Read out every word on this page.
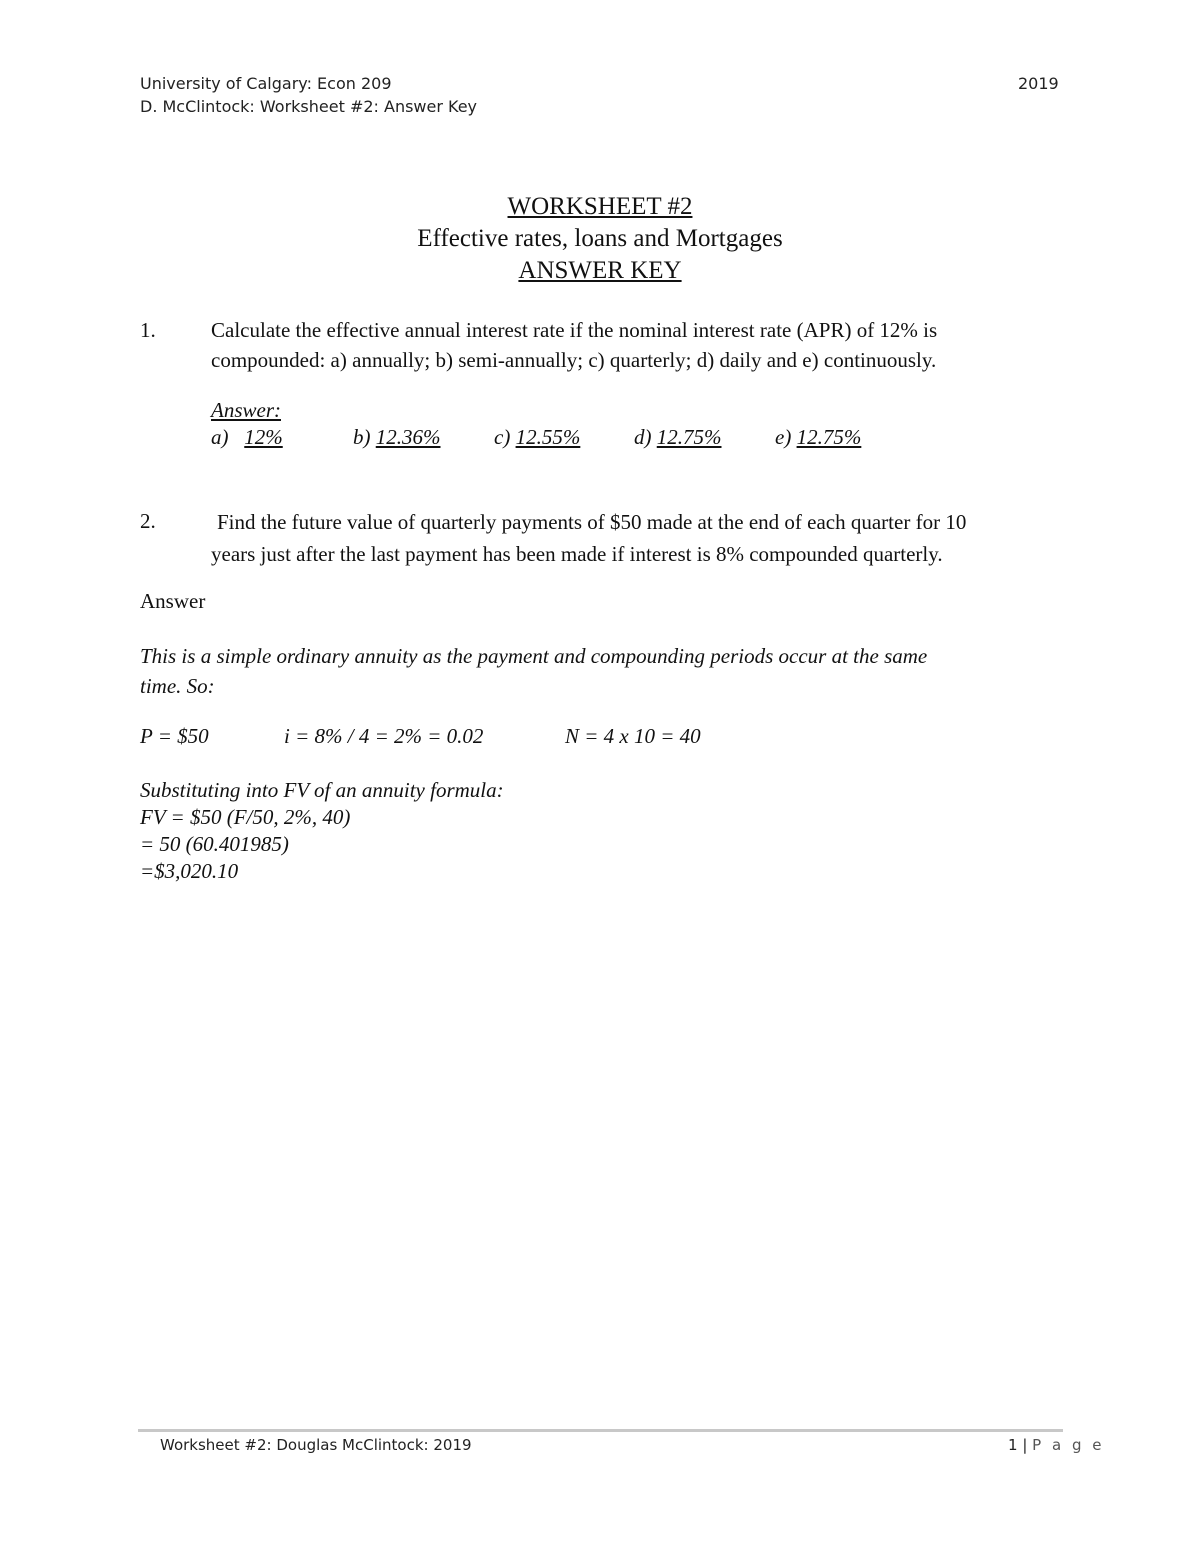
University of Calgary: Econ 209	2019
D. McClintock: Worksheet #2: Answer Key
WORKSHEET #2
Effective rates, loans and Mortgages
ANSWER KEY
1.	Calculate the effective annual interest rate if the nominal interest rate (APR) of 12% is
compounded: a) annually; b) semi-annually; c) quarterly; d) daily and e) continuously.
Answer:
a) 12%	b) 12.36%	c) 12.55%	d) 12.75%	e) 12.75%
2.	Find the future value of quarterly payments of $50 made at the end of each quarter for 10
years just after the last payment has been made if interest is 8% compounded quarterly.
Answer
This is a simple ordinary annuity as the payment and compounding periods occur at the same
time. So:
P = $50	i = 8% / 4 = 2% = 0.02	N = 4 x 10 = 40
Substituting into FV of an annuity formula:
FV = $50 (F/50, 2%, 40)
= 50 (60.401985)
=$3,020.10
Worksheet #2: Douglas McClintock: 2019	1 | P a g e
